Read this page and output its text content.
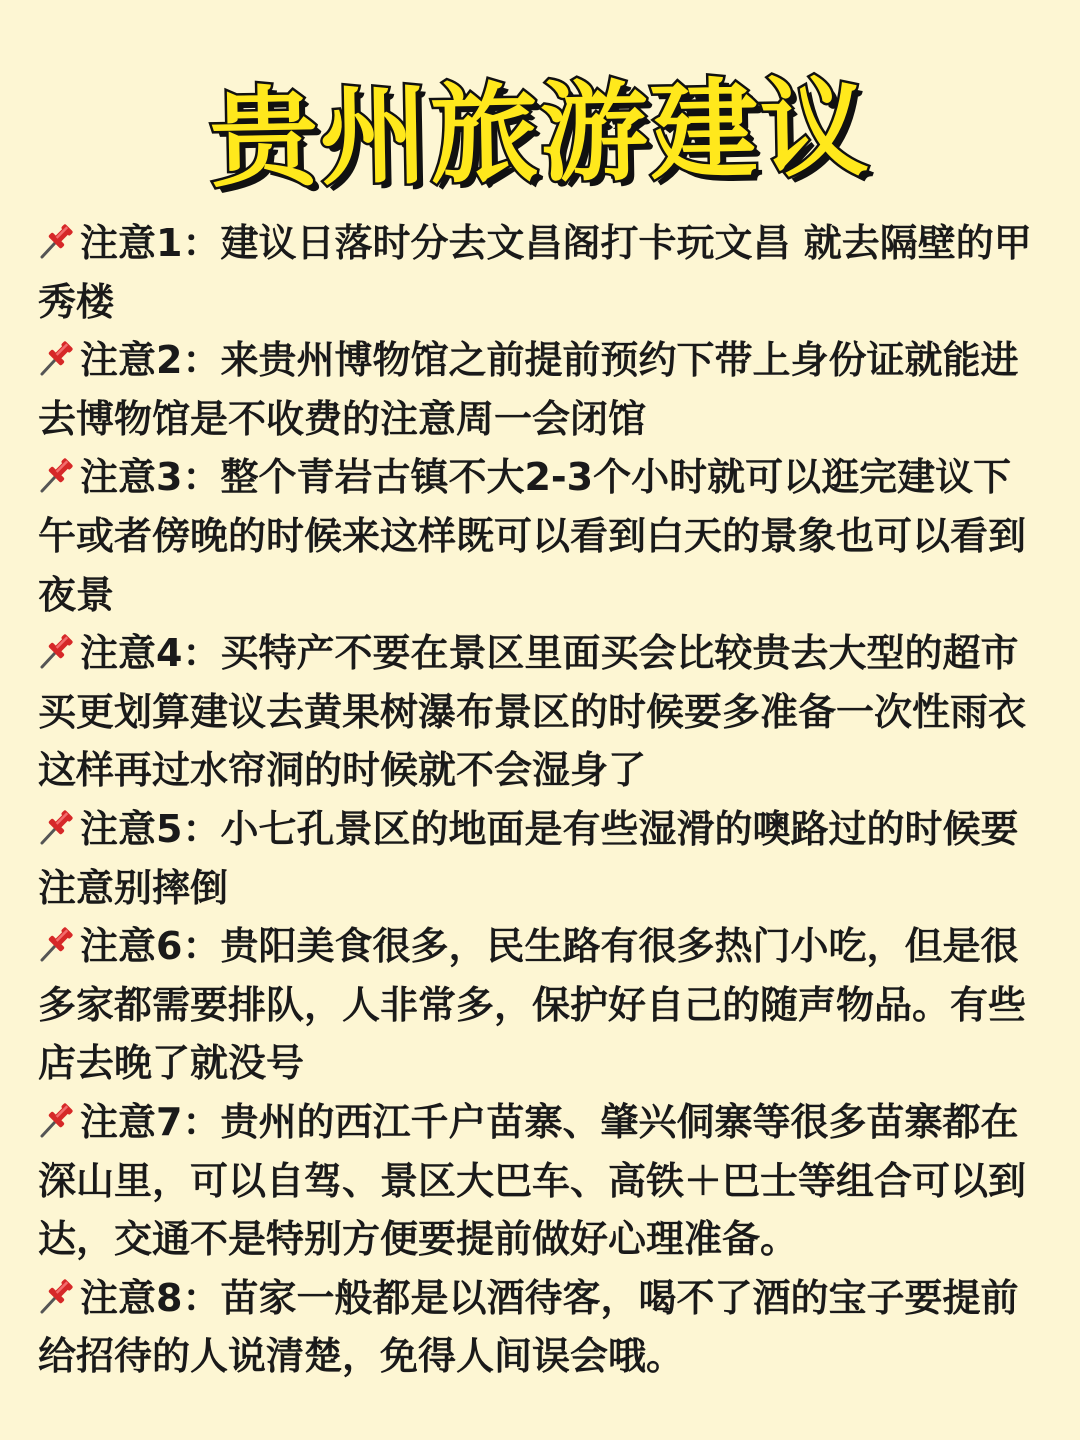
贵州旅游建议

注意1：建议日落时分去文昌阁打卡玩文昌 就去隔壁的甲秀楼

注意2：来贵州博物馆之前提前预约下带上身份证就能进去博物馆是不收费的注意周一会闭馆

注意3：整个青岩古镇不大2-3个小时就可以逛完建议下午或者傍晚的时候来这样既可以看到白天的景象也可以看到夜景

注意4：买特产不要在景区里面买会比较贵去大型的超市买更划算建议去黄果树瀑布景区的时候要多准备一次性雨衣这样再过水帘洞的时候就不会湿身了

注意5：小七孔景区的地面是有些湿滑的噢路过的时候要注意别摔倒

注意6：贵阳美食很多，民生路有很多热门小吃，但是很多家都需要排队，人非常多，保护好自己的随声物品。有些店去晚了就没号

注意7：贵州的西江千户苗寨、肇兴侗寨等很多苗寨都在深山里，可以自驾、景区大巴车、高铁＋巴士等组合可以到达，交通不是特别方便要提前做好心理准备。

注意8：苗家一般都是以酒待客，喝不了酒的宝子要提前给招待的人说清楚，免得人间误会哦。
